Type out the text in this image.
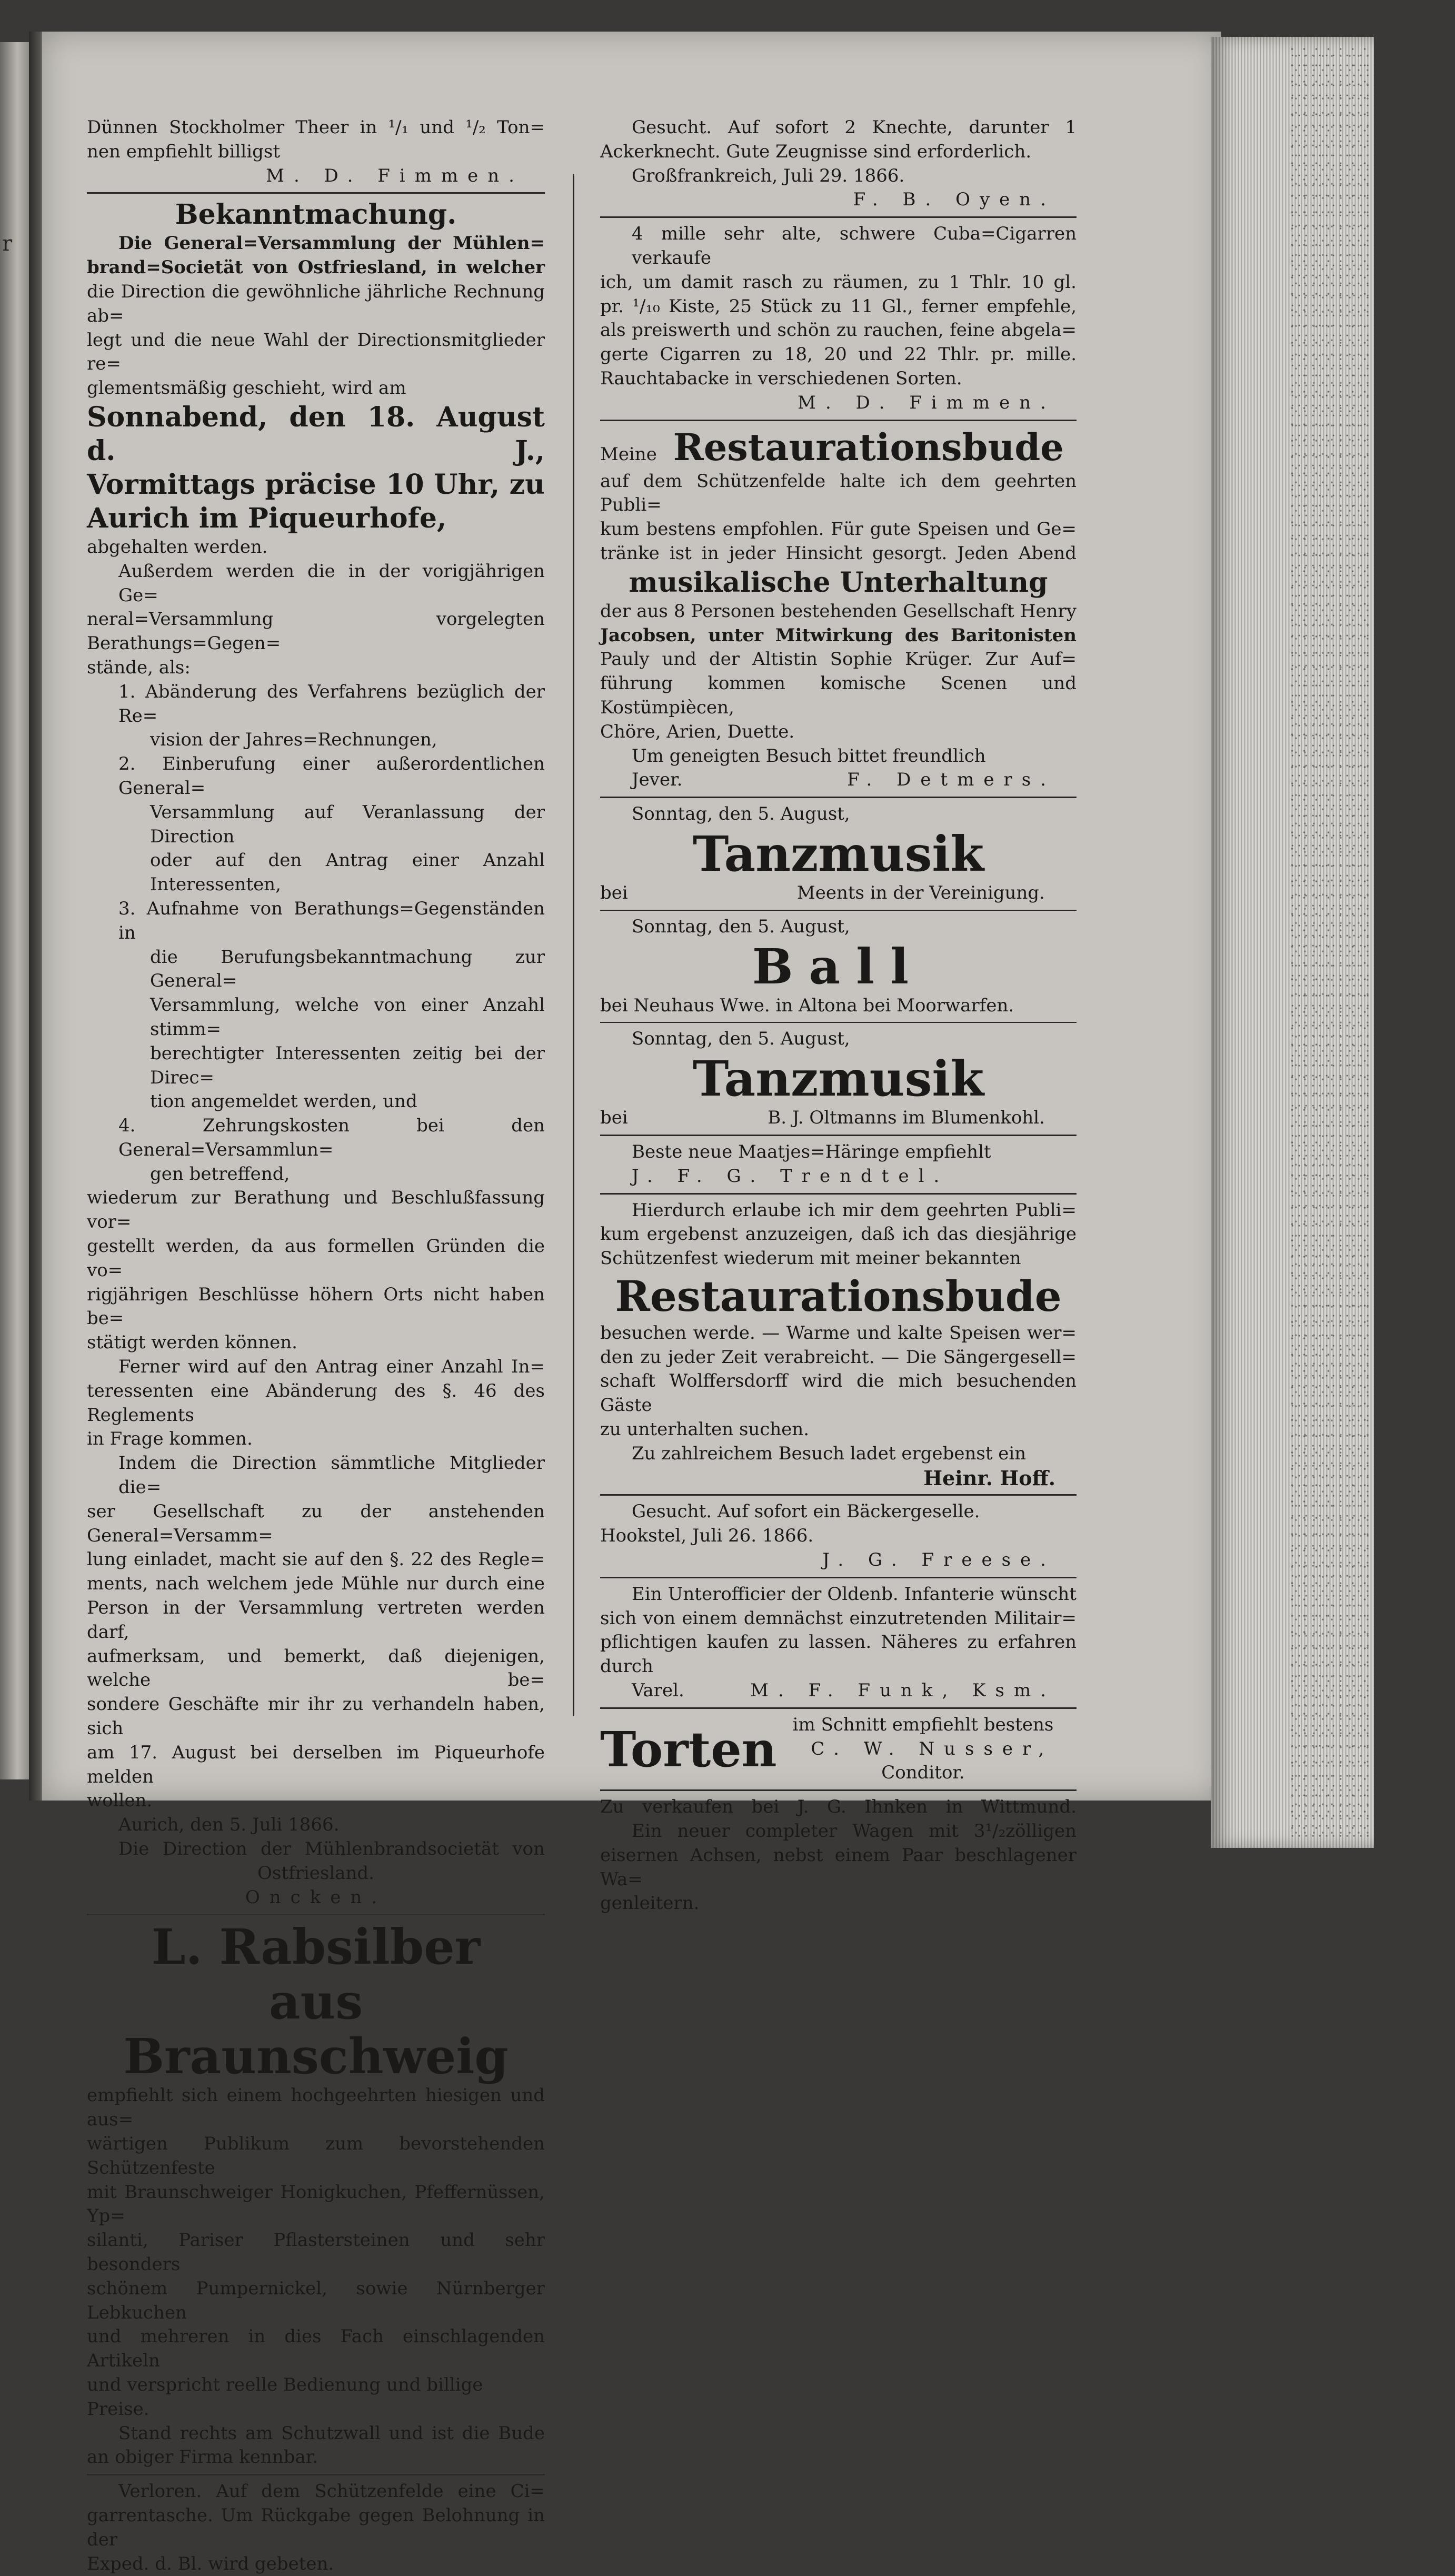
r

Dünnen Stockholmer Theer in ¹/₁ und ¹/₂ Ton=

nen empfiehlt billigst

M. D. Fimmen.

Bekanntmachung.

Die General=Versammlung der Mühlen=

brand=Societät von Ostfriesland, in welcher

die Direction die gewöhnliche jährliche Rechnung ab=

legt und die neue Wahl der Directionsmitglieder re=

glementsmäßig geschieht, wird am

Sonnabend, den 18. August d. J.,

Vormittags präcise 10 Uhr, zu

Aurich im Piqueurhofe,

abgehalten werden.

Außerdem werden die in der vorigjährigen Ge=

neral=Versammlung vorgelegten Berathungs=Gegen=

stände, als:

1. Abänderung des Verfahrens bezüglich der Re=

vision der Jahres=Rechnungen,

2. Einberufung einer außerordentlichen General=

Versammlung auf Veranlassung der Direction

oder auf den Antrag einer Anzahl Interessenten,

3. Aufnahme von Berathungs=Gegenständen in

die Berufungsbekanntmachung zur General=

Versammlung, welche von einer Anzahl stimm=

berechtigter Interessenten zeitig bei der Direc=

tion angemeldet werden, und

4. Zehrungskosten bei den General=Versammlun=

gen betreffend,

wiederum zur Berathung und Beschlußfassung vor=

gestellt werden, da aus formellen Gründen die vo=

rigjährigen Beschlüsse höhern Orts nicht haben be=

stätigt werden können.

Ferner wird auf den Antrag einer Anzahl In=

teressenten eine Abänderung des §. 46 des Reglements

in Frage kommen.

Indem die Direction sämmtliche Mitglieder die=

ser Gesellschaft zu der anstehenden General=Versamm=

lung einladet, macht sie auf den §. 22 des Regle=

ments, nach welchem jede Mühle nur durch eine

Person in der Versammlung vertreten werden darf,

aufmerksam, und bemerkt, daß diejenigen, welche be=

sondere Geschäfte mir ihr zu verhandeln haben, sich

am 17. August bei derselben im Piqueurhofe melden

wollen.

Aurich, den 5. Juli 1866.

Die Direction der Mühlenbrandsocietät von

Ostfriesland.

Oncken.

L. Rabsilber

aus Braunschweig

empfiehlt sich einem hochgeehrten hiesigen und aus=

wärtigen Publikum zum bevorstehenden Schützenfeste

mit Braunschweiger Honigkuchen, Pfeffernüssen, Yp=

silanti, Pariser Pflastersteinen und sehr besonders

schönem Pumpernickel, sowie Nürnberger Lebkuchen

und mehreren in dies Fach einschlagenden Artikeln

und verspricht reelle Bedienung und billige Preise.

Stand rechts am Schutzwall und ist die Bude

an obiger Firma kennbar.

Verloren. Auf dem Schützenfelde eine Ci=

garrentasche. Um Rückgabe gegen Belohnung in der

Exped. d. Bl. wird gebeten.

Gesucht. Auf sofort 2 Knechte, darunter 1

Ackerknecht. Gute Zeugnisse sind erforderlich.

Großfrankreich, Juli 29. 1866.

F. B. Oyen.

4 mille sehr alte, schwere Cuba=Cigarren verkaufe

ich, um damit rasch zu räumen, zu 1 Thlr. 10 gl.

pr. ¹/₁₀ Kiste, 25 Stück zu 11 Gl., ferner empfehle,

als preiswerth und schön zu rauchen, feine abgela=

gerte Cigarren zu 18, 20 und 22 Thlr. pr. mille.

Rauchtabacke in verschiedenen Sorten.

M. D. Fimmen.

Meine Restaurationsbude

auf dem Schützenfelde halte ich dem geehrten Publi=

kum bestens empfohlen. Für gute Speisen und Ge=

tränke ist in jeder Hinsicht gesorgt. Jeden Abend

musikalische Unterhaltung

der aus 8 Personen bestehenden Gesellschaft Henry

Jacobsen, unter Mitwirkung des Baritonisten

Pauly und der Altistin Sophie Krüger. Zur Auf=

führung kommen komische Scenen und Kostümpiècen,

Chöre, Arien, Duette.

Um geneigten Besuch bittet freundlich

Jever.	F. Detmers.

Sonntag, den 5. August,

Tanzmusik

bei	Meents in der Vereinigung.

Sonntag, den 5. August,

Ball

bei Neuhaus Wwe. in Altona bei Moorwarfen.

Sonntag, den 5. August,

Tanzmusik

bei	B. J. Oltmanns im Blumenkohl.

Beste neue Maatjes=Häringe empfiehlt

J. F. G. Trendtel.

Hierdurch erlaube ich mir dem geehrten Publi=

kum ergebenst anzuzeigen, daß ich das diesjährige

Schützenfest wiederum mit meiner bekannten

Restaurationsbude

besuchen werde. — Warme und kalte Speisen wer=

den zu jeder Zeit verabreicht. — Die Sängergesell=

schaft Wolffersdorff wird die mich besuchenden Gäste

zu unterhalten suchen.

Zu zahlreichem Besuch ladet ergebenst ein

Heinr. Hoff.

Gesucht. Auf sofort ein Bäckergeselle.

Hookstel, Juli 26. 1866.

J. G. Freese.

Ein Unterofficier der Oldenb. Infanterie wünscht

sich von einem demnächst einzutretenden Militair=

pflichtigen kaufen zu lassen. Näheres zu erfahren durch

Varel.	M. F. Funk, Ksm.

Torten im Schnitt empfiehlt bestens

C. W. Nusser,

Conditor.

Zu verkaufen bei J. G. Ihnken in Wittmund.

Ein neuer completer Wagen mit 3¹/₂zölligen

eisernen Achsen, nebst einem Paar beschlagener Wa=

genleitern.
